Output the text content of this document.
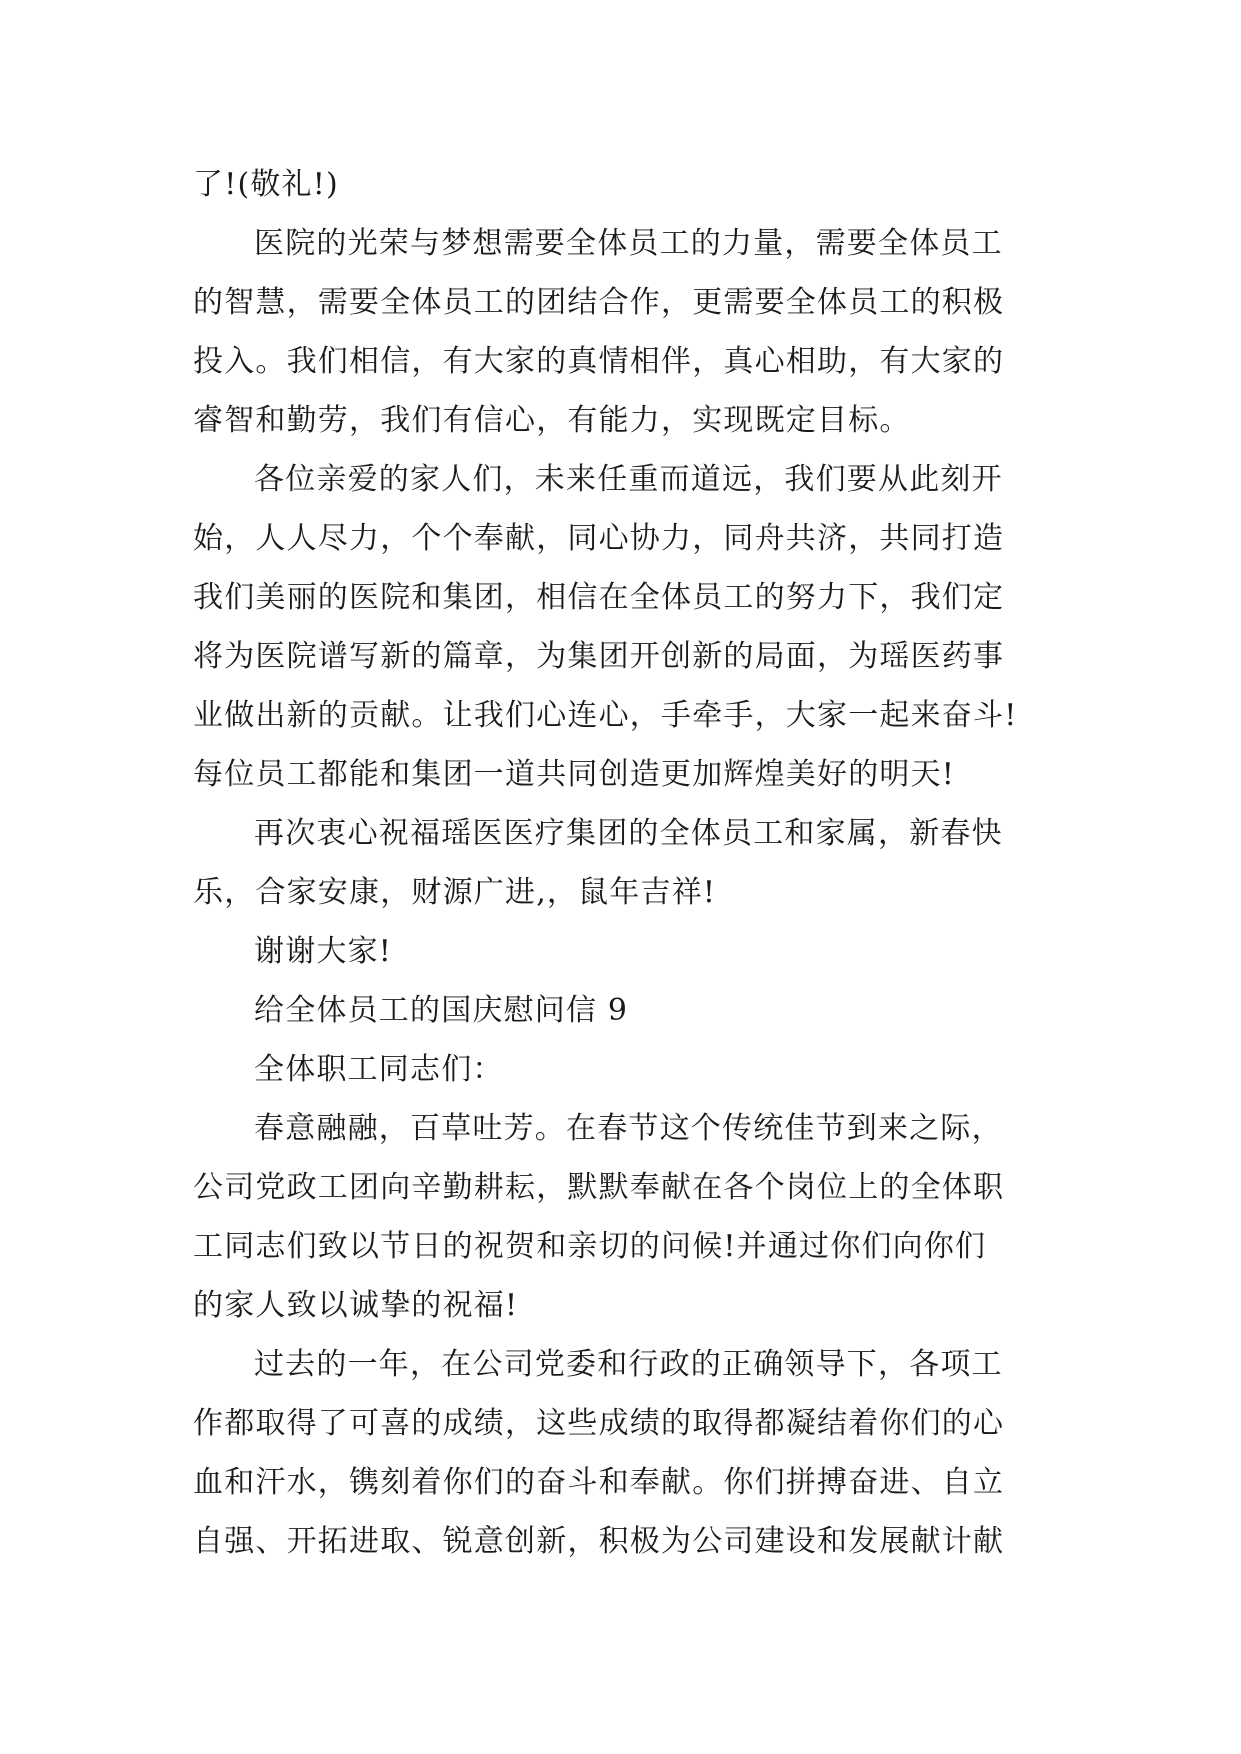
了!(敬礼!)
医院的光荣与梦想需要全体员工的力量，需要全体员工
的智慧，需要全体员工的团结合作，更需要全体员工的积极
投入。我们相信，有大家的真情相伴，真心相助，有大家的
睿智和勤劳，我们有信心，有能力，实现既定目标。
各位亲爱的家人们，未来任重而道远，我们要从此刻开
始，人人尽力，个个奉献，同心协力，同舟共济，共同打造
我们美丽的医院和集团，相信在全体员工的努力下，我们定
将为医院谱写新的篇章，为集团开创新的局面，为瑶医药事
业做出新的贡献。让我们心连心，手牵手，大家一起来奋斗!
每位员工都能和集团一道共同创造更加辉煌美好的明天!
再次衷心祝福瑶医医疗集团的全体员工和家属，新春快
乐，合家安康，财源广进,，鼠年吉祥!
谢谢大家!
给全体员工的国庆慰问信 9
全体职工同志们：
春意融融，百草吐芳。在春节这个传统佳节到来之际，
公司党政工团向辛勤耕耘，默默奉献在各个岗位上的全体职
工同志们致以节日的祝贺和亲切的问候!并通过你们向你们
的家人致以诚挚的祝福!
过去的一年，在公司党委和行政的正确领导下，各项工
作都取得了可喜的成绩，这些成绩的取得都凝结着你们的心
血和汗水，镌刻着你们的奋斗和奉献。你们拼搏奋进、自立
自强、开拓进取、锐意创新，积极为公司建设和发展献计献
